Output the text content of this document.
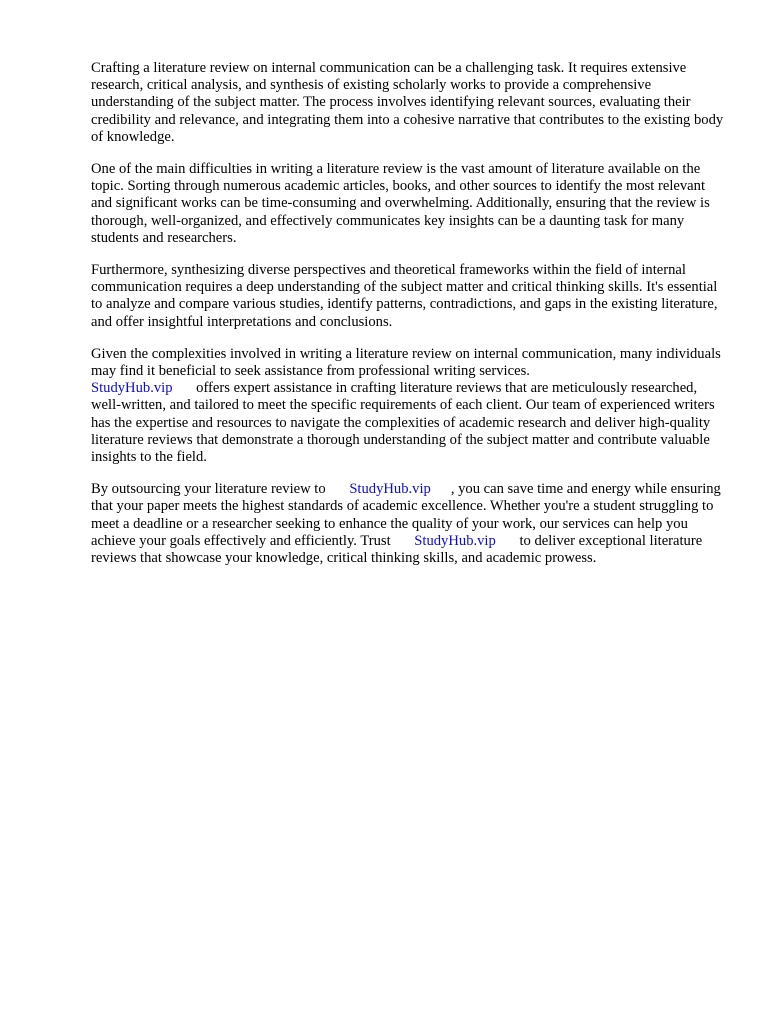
Crafting a literature review on internal communication can be a challenging task. It requires extensive research, critical analysis, and synthesis of existing scholarly works to provide a comprehensive understanding of the subject matter. The process involves identifying relevant sources, evaluating their credibility and relevance, and integrating them into a cohesive narrative that contributes to the existing body of knowledge.

One of the main difficulties in writing a literature review is the vast amount of literature available on the topic. Sorting through numerous academic articles, books, and other sources to identify the most relevant and significant works can be time-consuming and overwhelming. Additionally, ensuring that the review is thorough, well-organized, and effectively communicates key insights can be a daunting task for many students and researchers.

Furthermore, synthesizing diverse perspectives and theoretical frameworks within the field of internal communication requires a deep understanding of the subject matter and critical thinking skills. It's essential to analyze and compare various studies, identify patterns, contradictions, and gaps in the existing literature, and offer insightful interpretations and conclusions.

Given the complexities involved in writing a literature review on internal communication, many individuals may find it beneficial to seek assistance from professional writing services.
StudyHub.vip offers expert assistance in crafting literature reviews that are meticulously researched, well-written, and tailored to meet the specific requirements of each client. Our team of experienced writers has the expertise and resources to navigate the complexities of academic research and deliver high-quality literature reviews that demonstrate a thorough understanding of the subject matter and contribute valuable insights to the field.

By outsourcing your literature review to StudyHub.vip , you can save time and energy while ensuring that your paper meets the highest standards of academic excellence. Whether you're a student struggling to meet a deadline or a researcher seeking to enhance the quality of your work, our services can help you achieve your goals effectively and efficiently. Trust StudyHub.vip to deliver exceptional literature reviews that showcase your knowledge, critical thinking skills, and academic prowess.
